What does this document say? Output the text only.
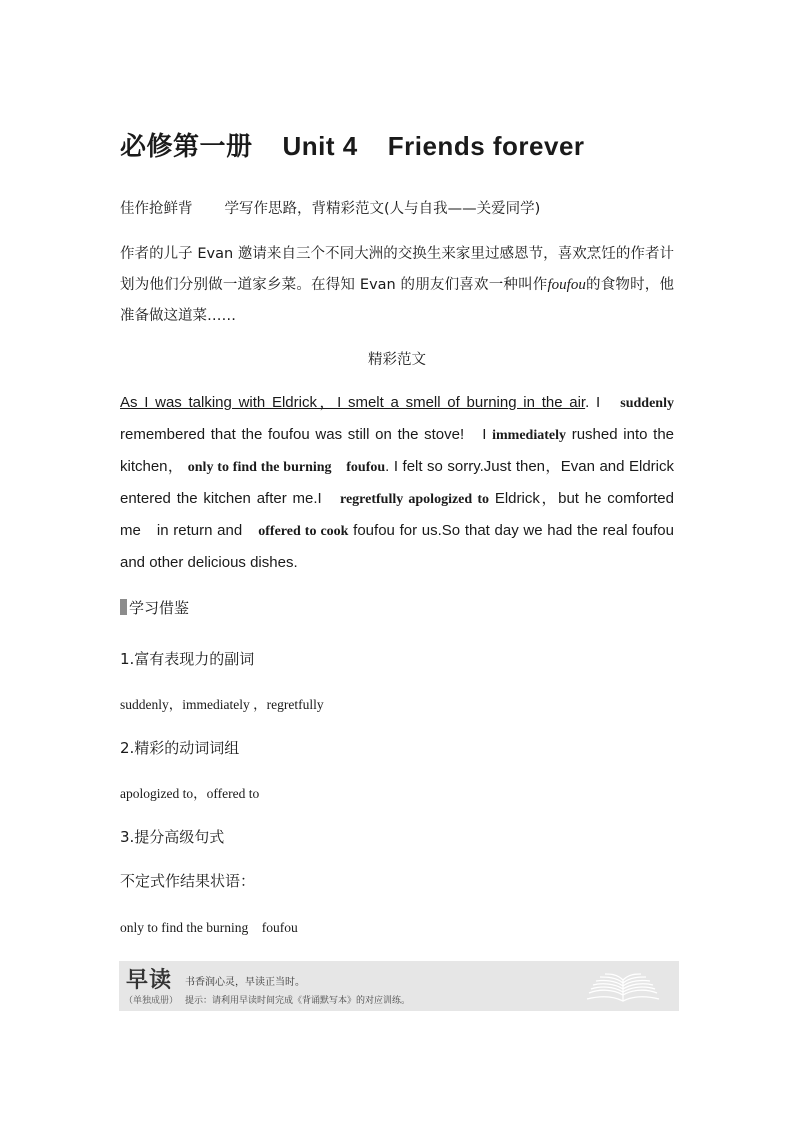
必修第一册 Unit 4 Friends forever
佳作抢鲜背 学写作思路，背精彩范文(人与自我——关爱同学)
作者的儿子 Evan 邀请来自三个不同大洲的交换生来家里过感恩节，喜欢烹饪的作者计划为他们分别做一道家乡菜。在得知 Evan 的朋友们喜欢一种叫作foufou的食物时，他准备做这道菜……
精彩范文
As I was talking with Eldrick，I smelt a smell of burning in the air. I　 suddenly remembered that the foufou was still on the stove!　I immediately rushed into the kitchen， only to find the burning　foufou. I felt so sorry.Just then，Evan and Eldrick entered the kitchen after me.I　 regretfully apologized to Eldrick，but he comforted me　in return and　 offered to cook foufou for us.So that day we had the real foufou and other delicious dishes.
学习借鉴
1.富有表现力的副词
suddenly，immediately ，regretfully
2.精彩的动词词组
apologized to，offered to
3.提分高级句式
不定式作结果状语：
only to find the burning　foufou
早读 书香润心灵，早读正当时。
（单独成册） 提示：请利用早读时间完成《背诵默写本》的对应训练。
